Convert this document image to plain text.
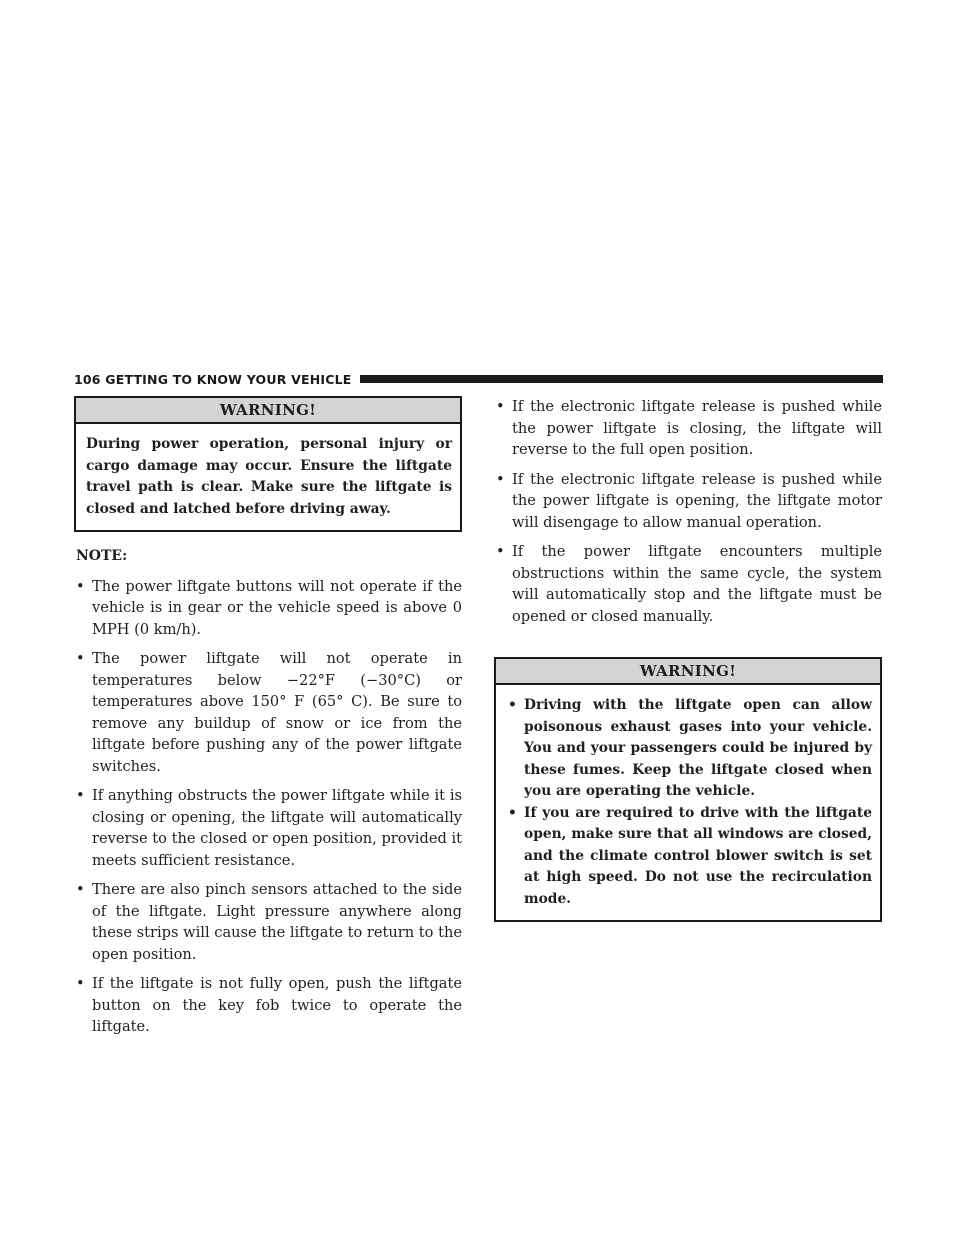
106 GETTING TO KNOW YOUR VEHICLE
WARNING!
During power operation, personal injury or cargo damage may occur. Ensure the liftgate travel path is clear. Make sure the liftgate is closed and latched before driving away.
NOTE:
• The power liftgate buttons will not operate if the vehicle is in gear or the vehicle speed is above 0 MPH (0 km/h).
• The power liftgate will not operate in temperatures below −22°F (−30°C) or temperatures above 150° F (65° C). Be sure to remove any buildup of snow or ice from the liftgate before pushing any of the power liftgate switches.
• If anything obstructs the power liftgate while it is closing or opening, the liftgate will automatically reverse to the closed or open position, provided it meets sufficient resistance.
• There are also pinch sensors attached to the side of the liftgate. Light pressure anywhere along these strips will cause the liftgate to return to the open position.
• If the liftgate is not fully open, push the liftgate button on the key fob twice to operate the liftgate.
• If the electronic liftgate release is pushed while the power liftgate is closing, the liftgate will reverse to the full open position.
• If the electronic liftgate release is pushed while the power liftgate is opening, the liftgate motor will disengage to allow manual operation.
• If the power liftgate encounters multiple obstructions within the same cycle, the system will automatically stop and the liftgate must be opened or closed manually.
WARNING!
• Driving with the liftgate open can allow poisonous exhaust gases into your vehicle. You and your passengers could be injured by these fumes. Keep the liftgate closed when you are operating the vehicle.
• If you are required to drive with the liftgate open, make sure that all windows are closed, and the climate control blower switch is set at high speed. Do not use the recirculation mode.
